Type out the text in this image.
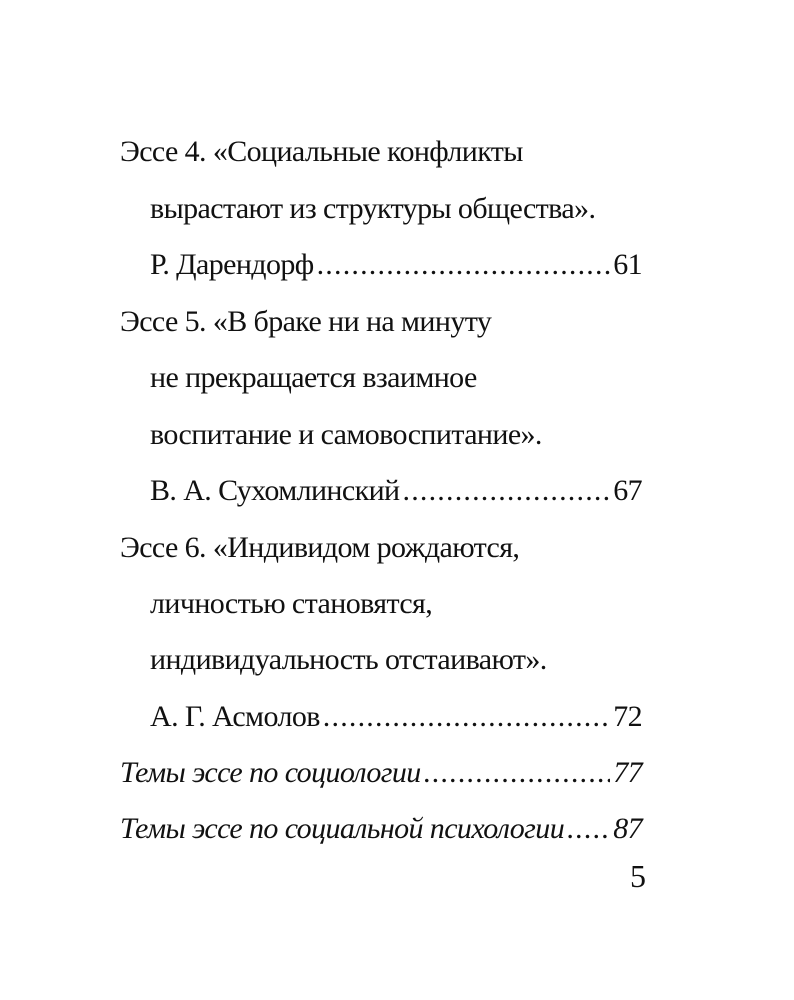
Эссе 4. «Социальные конфликты
вырастают из структуры общества».
Р. Дарендорф .....	61
Эссе 5. «В браке ни на минуту
не прекращается взаимное
воспитание и самовоспитание».
В. А. Сухомлинский .....	67
Эссе 6. «Индивидом рождаются,
личностью становятся,
индивидуальность отстаивают».
А. Г. Асмолов .....	72
Темы эссе по социологии .....	77
Темы эссе по социальной психологии ..... 87
5
